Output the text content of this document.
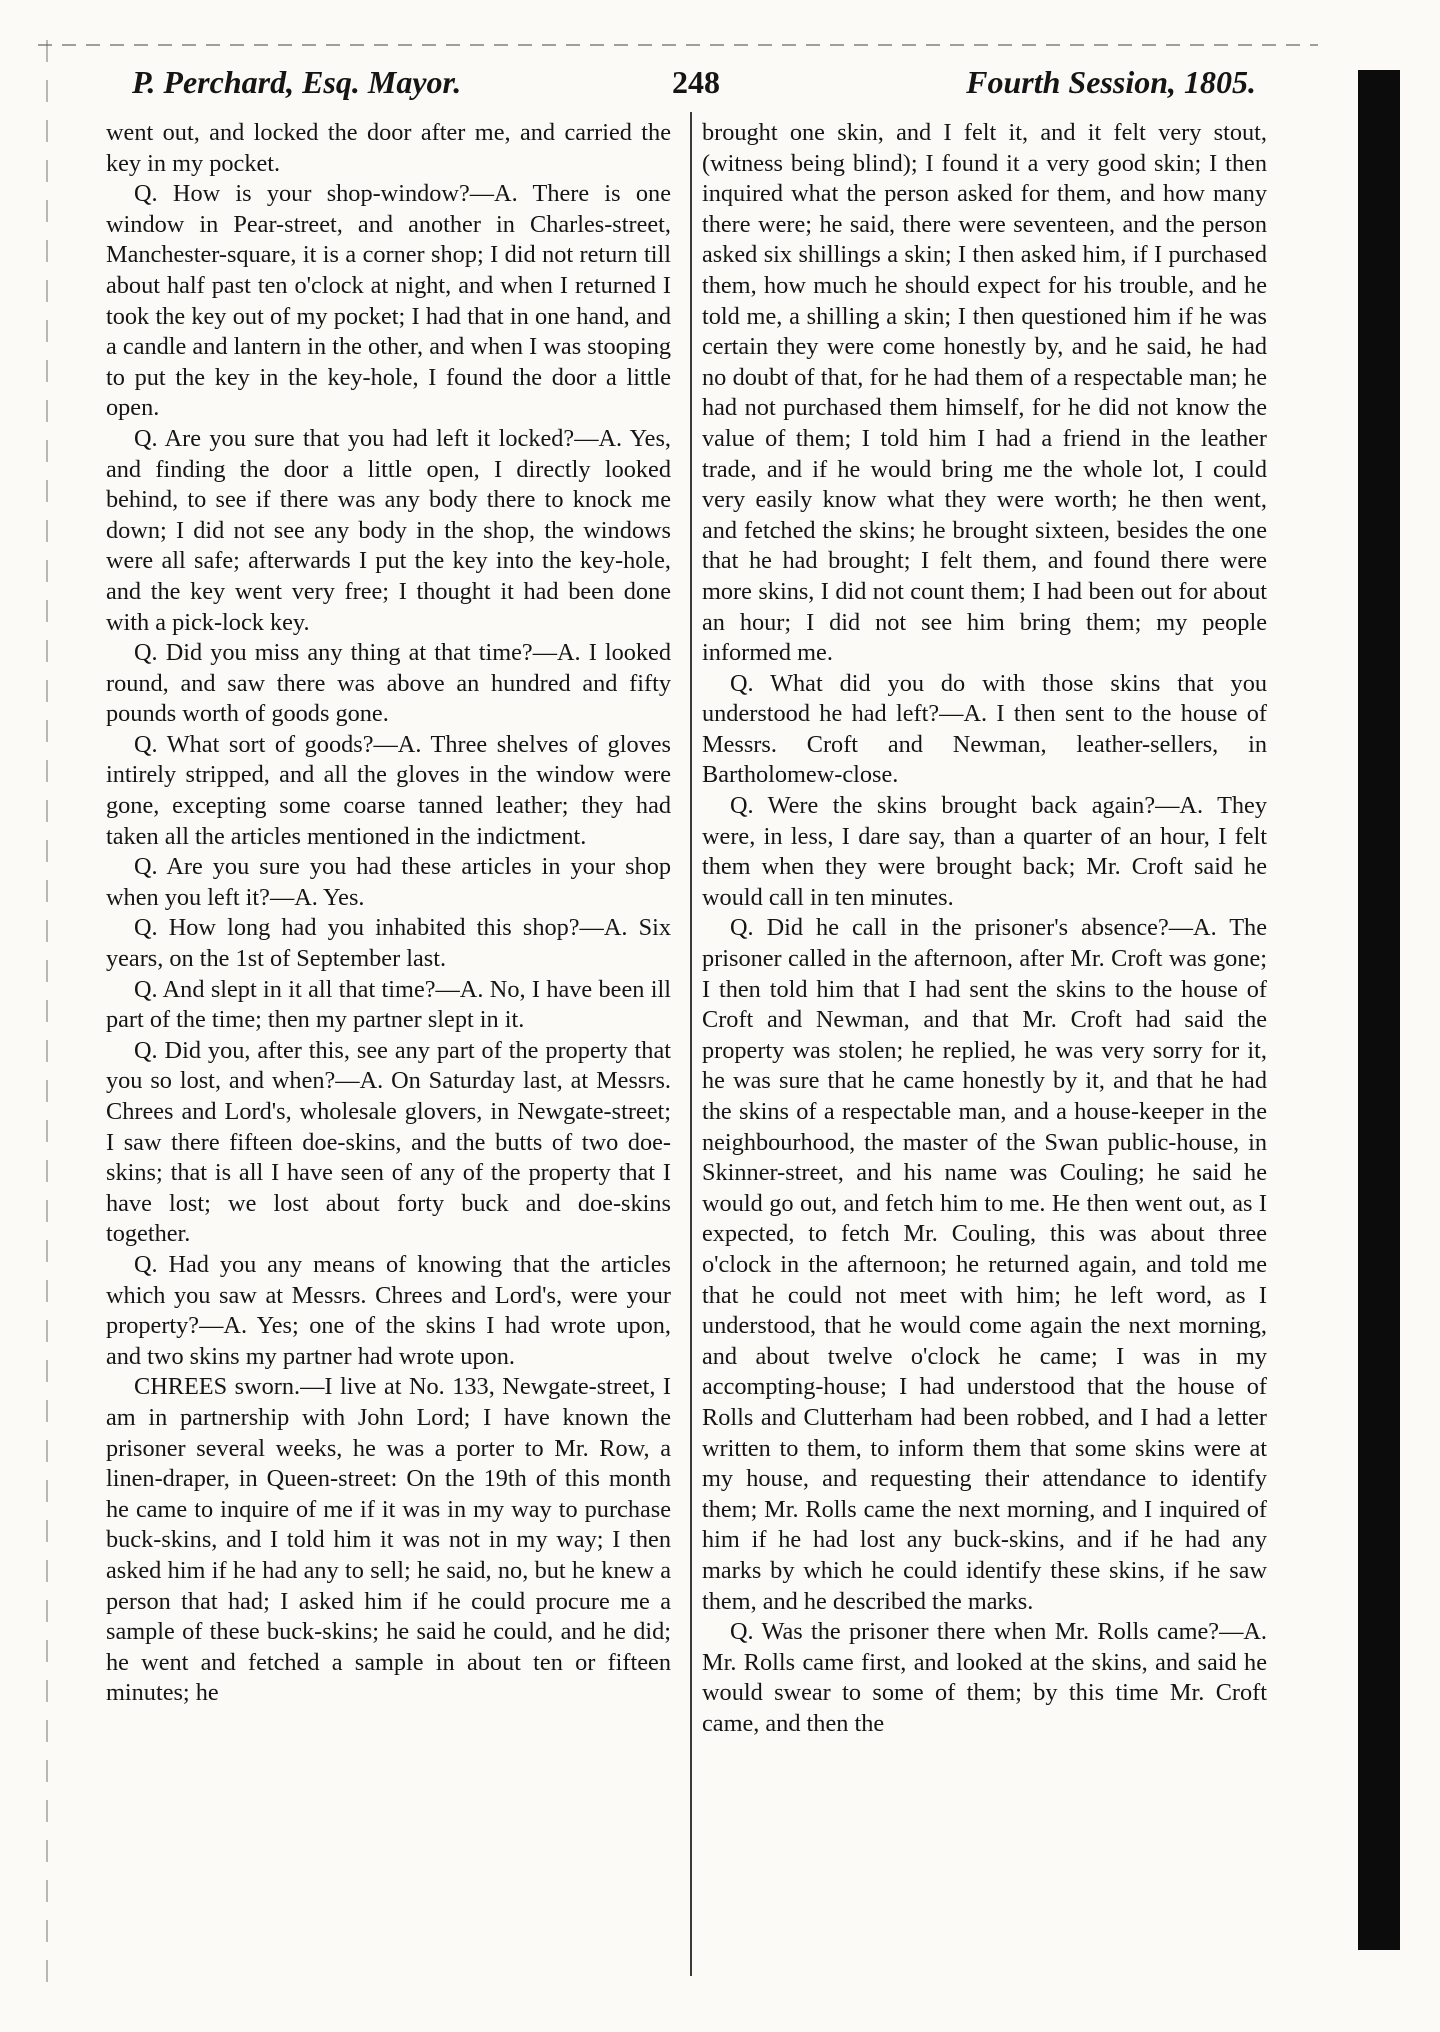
P. Perchard, Esq. Mayor.	248	Fourth Session, 1805.

went out, and locked the door after me, and carried the key in my pocket.

Q. How is your shop-window?—A. There is one window in Pear-street, and another in Charles-street, Manchester-square, it is a corner shop; I did not return till about half past ten o'clock at night, and when I returned I took the key out of my pocket; I had that in one hand, and a candle and lantern in the other, and when I was stooping to put the key in the key-hole, I found the door a little open.

Q. Are you sure that you had left it locked?—A. Yes, and finding the door a little open, I directly looked behind, to see if there was any body there to knock me down; I did not see any body in the shop, the windows were all safe; afterwards I put the key into the key-hole, and the key went very free; I thought it had been done with a pick-lock key.

Q. Did you miss any thing at that time?—A. I looked round, and saw there was above an hundred and fifty pounds worth of goods gone.

Q. What sort of goods?—A. Three shelves of gloves intirely stripped, and all the gloves in the window were gone, excepting some coarse tanned leather; they had taken all the articles mentioned in the indictment.

Q. Are you sure you had these articles in your shop when you left it?—A. Yes.

Q. How long had you inhabited this shop?—A. Six years, on the 1st of September last.

Q. And slept in it all that time?—A. No, I have been ill part of the time; then my partner slept in it.

Q. Did you, after this, see any part of the property that you so lost, and when?—A. On Saturday last, at Messrs. Chrees and Lord's, wholesale glovers, in Newgate-street; I saw there fifteen doe-skins, and the butts of two doe-skins; that is all I have seen of any of the property that I have lost; we lost about forty buck and doe-skins together.

Q. Had you any means of knowing that the articles which you saw at Messrs. Chrees and Lord's, were your property?—A. Yes; one of the skins I had wrote upon, and two skins my partner had wrote upon.

CHREES sworn.—I live at No. 133, Newgate-street, I am in partnership with John Lord; I have known the prisoner several weeks, he was a porter to Mr. Row, a linen-draper, in Queen-street: On the 19th of this month he came to inquire of me if it was in my way to purchase buck-skins, and I told him it was not in my way; I then asked him if he had any to sell; he said, no, but he knew a person that had; I asked him if he could procure me a sample of these buck-skins; he said he could, and he did; he went and fetched a sample in about ten or fifteen minutes; he

brought one skin, and I felt it, and it felt very stout, (witness being blind); I found it a very good skin; I then inquired what the person asked for them, and how many there were; he said, there were seventeen, and the person asked six shillings a skin; I then asked him, if I purchased them, how much he should expect for his trouble, and he told me, a shilling a skin; I then questioned him if he was certain they were come honestly by, and he said, he had no doubt of that, for he had them of a respectable man; he had not purchased them himself, for he did not know the value of them; I told him I had a friend in the leather trade, and if he would bring me the whole lot, I could very easily know what they were worth; he then went, and fetched the skins; he brought sixteen, besides the one that he had brought; I felt them, and found there were more skins, I did not count them; I had been out for about an hour; I did not see him bring them; my people informed me.

Q. What did you do with those skins that you understood he had left?—A. I then sent to the house of Messrs. Croft and Newman, leather-sellers, in Bartholomew-close.

Q. Were the skins brought back again?—A. They were, in less, I dare say, than a quarter of an hour, I felt them when they were brought back; Mr. Croft said he would call in ten minutes.

Q. Did he call in the prisoner's absence?—A. The prisoner called in the afternoon, after Mr. Croft was gone; I then told him that I had sent the skins to the house of Croft and Newman, and that Mr. Croft had said the property was stolen; he replied, he was very sorry for it, he was sure that he came honestly by it, and that he had the skins of a respectable man, and a house-keeper in the neighbourhood, the master of the Swan public-house, in Skinner-street, and his name was Couling; he said he would go out, and fetch him to me. He then went out, as I expected, to fetch Mr. Couling, this was about three o'clock in the afternoon; he returned again, and told me that he could not meet with him; he left word, as I understood, that he would come again the next morning, and about twelve o'clock he came; I was in my accompting-house; I had understood that the house of Rolls and Clutterham had been robbed, and I had a letter written to them, to inform them that some skins were at my house, and requesting their attendance to identify them; Mr. Rolls came the next morning, and I inquired of him if he had lost any buck-skins, and if he had any marks by which he could identify these skins, if he saw them, and he described the marks.

Q. Was the prisoner there when Mr. Rolls came?—A. Mr. Rolls came first, and looked at the skins, and said he would swear to some of them; by this time Mr. Croft came, and then the
